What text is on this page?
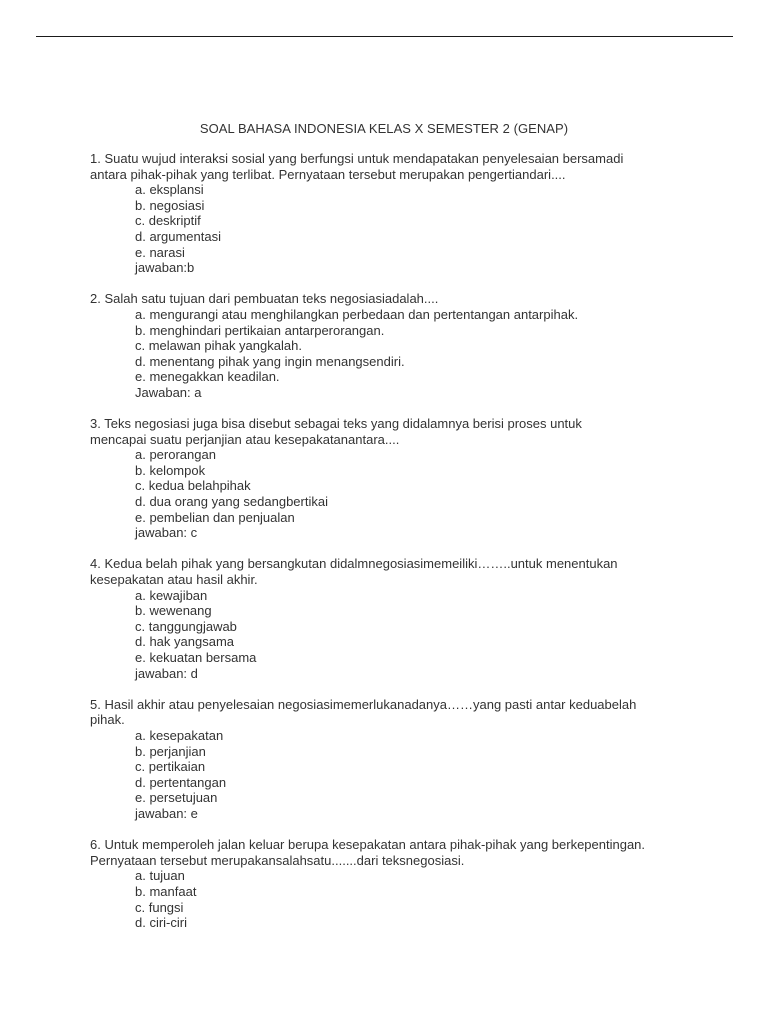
SOAL BAHASA INDONESIA KELAS X SEMESTER 2 (GENAP)
1. Suatu wujud interaksi sosial yang berfungsi untuk mendapatakan penyelesaian bersamadi
antara pihak-pihak yang terlibat. Pernyataan tersebut merupakan pengertiandari....
a. eksplansi
b. negosiasi
c. deskriptif
d. argumentasi
e. narasi
jawaban:b
2. Salah satu tujuan dari pembuatan teks negosiasiadalah....
a. mengurangi atau menghilangkan perbedaan dan pertentangan antarpihak.
b. menghindari pertikaian antarperorangan.
c. melawan pihak yangkalah.
d. menentang pihak yang ingin menangsendiri.
e. menegakkan keadilan.
Jawaban: a
3. Teks negosiasi juga bisa disebut sebagai teks yang didalamnya berisi proses untuk
mencapai suatu perjanjian atau kesepakatanantara....
a. perorangan
b. kelompok
c. kedua belahpihak
d. dua orang yang sedangbertikai
e. pembelian dan penjualan
jawaban: c
4. Kedua belah pihak yang bersangkutan didalmnegosiasimemeiliki……..untuk menentukan
kesepakatan atau hasil akhir.
a. kewajiban
b. wewenang
c. tanggungjawab
d. hak yangsama
e. kekuatan bersama
jawaban: d
5. Hasil akhir atau penyelesaian negosiasimemerlukanadanya……yang pasti antar keduabelah
pihak.
a. kesepakatan
b. perjanjian
c. pertikaian
d. pertentangan
e. persetujuan
jawaban: e
6. Untuk memperoleh jalan keluar berupa kesepakatan antara pihak-pihak yang berkepentingan.
Pernyataan tersebut merupakansalahsatu.......dari teksnegosiasi.
a. tujuan
b. manfaat
c. fungsi
d. ciri-ciri
